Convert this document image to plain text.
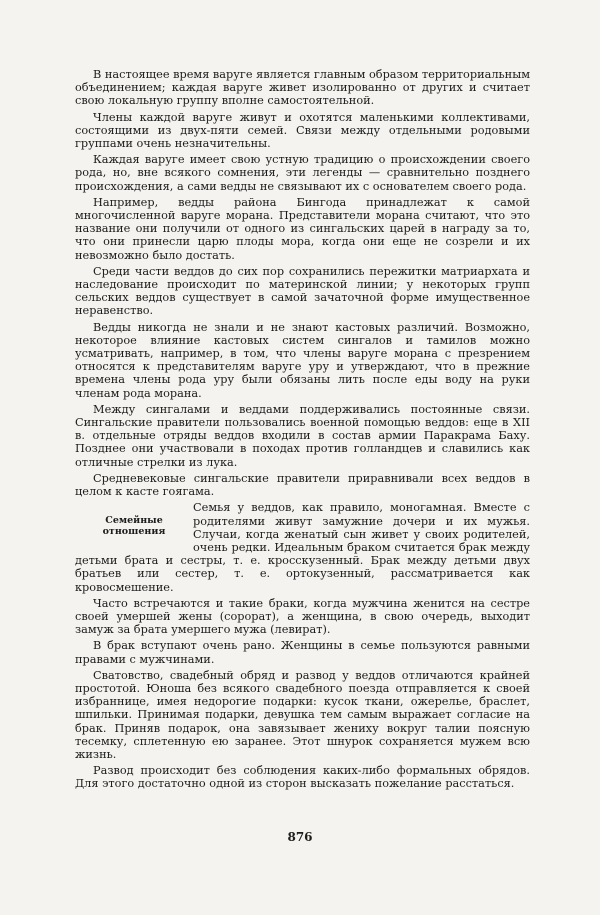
В настоящее время варуге является главным образом территориальным объединением; каждая варуге живет изолированно от других и считает свою локальную группу вполне самостоятельной.

Члены каждой варуге живут и охотятся маленькими коллективами, состоящими из двух-пяти семей. Связи между отдельными родовыми группами очень незначительны.

Каждая варуге имеет свою устную традицию о происхождении своего рода, но, вне всякого сомнения, эти легенды — сравнительно позднего происхождения, а сами ведды не связывают их с основателем своего рода.

Например, ведды района Бингода принадлежат к самой многочисленной варуге морана. Представители морана считают, что это название они получили от одного из сингальских царей в награду за то, что они принесли царю плоды мора, когда они еще не созрели и их невозможно было достать.

Среди части веддов до сих пор сохранились пережитки матриархата и наследование происходит по материнской линии; у некоторых групп сельских веддов существует в самой зачаточной форме имущественное неравенство.

Ведды никогда не знали и не знают кастовых различий. Возможно, некоторое влияние кастовых систем сингалов и тамилов можно усматривать, например, в том, что члены варуге морана с презрением относятся к представителям варуге уру и утверждают, что в прежние времена члены рода уру были обязаны лить после еды воду на руки членам рода морана.

Между сингалами и веддами поддерживались постоянные связи. Сингальские правители пользовались военной помощью веддов: еще в XII в. отдельные отряды веддов входили в состав армии Паракрама Баху. Позднее они участвовали в походах против голландцев и славились как отличные стрелки из лука.

Средневековые сингальские правители приравнивали всех веддов в целом к касте гоягама.

Семейные
отношения

Семья у веддов, как правило, моногамная. Вместе с родителями живут замужние дочери и их мужья. Случаи, когда женатый сын живет у своих родителей, очень редки. Идеальным браком считается брак между детьми брата и сестры, т. е. кросскузенный. Брак между детьми двух братьев или сестер, т. е. ортокузенный, рассматривается как кровосмешение.

Часто встречаются и такие браки, когда мужчина женится на сестре своей умершей жены (сорорат), а женщина, в свою очередь, выходит замуж за брата умершего мужа (левират).

В брак вступают очень рано. Женщины в семье пользуются равными правами с мужчинами.

Сватовство, свадебный обряд и развод у веддов отличаются крайней простотой. Юноша без всякого свадебного поезда отправляется к своей избраннице, имея недорогие подарки: кусок ткани, ожерелье, браслет, шпильки. Принимая подарки, девушка тем самым выражает согласие на брак. Приняв подарок, она завязывает жениху вокруг талии поясную тесемку, сплетенную ею заранее. Этот шнурок сохраняется мужем всю жизнь.

Развод происходит без соблюдения каких-либо формальных обрядов. Для этого достаточно одной из сторон высказать пожелание расстаться.

876
